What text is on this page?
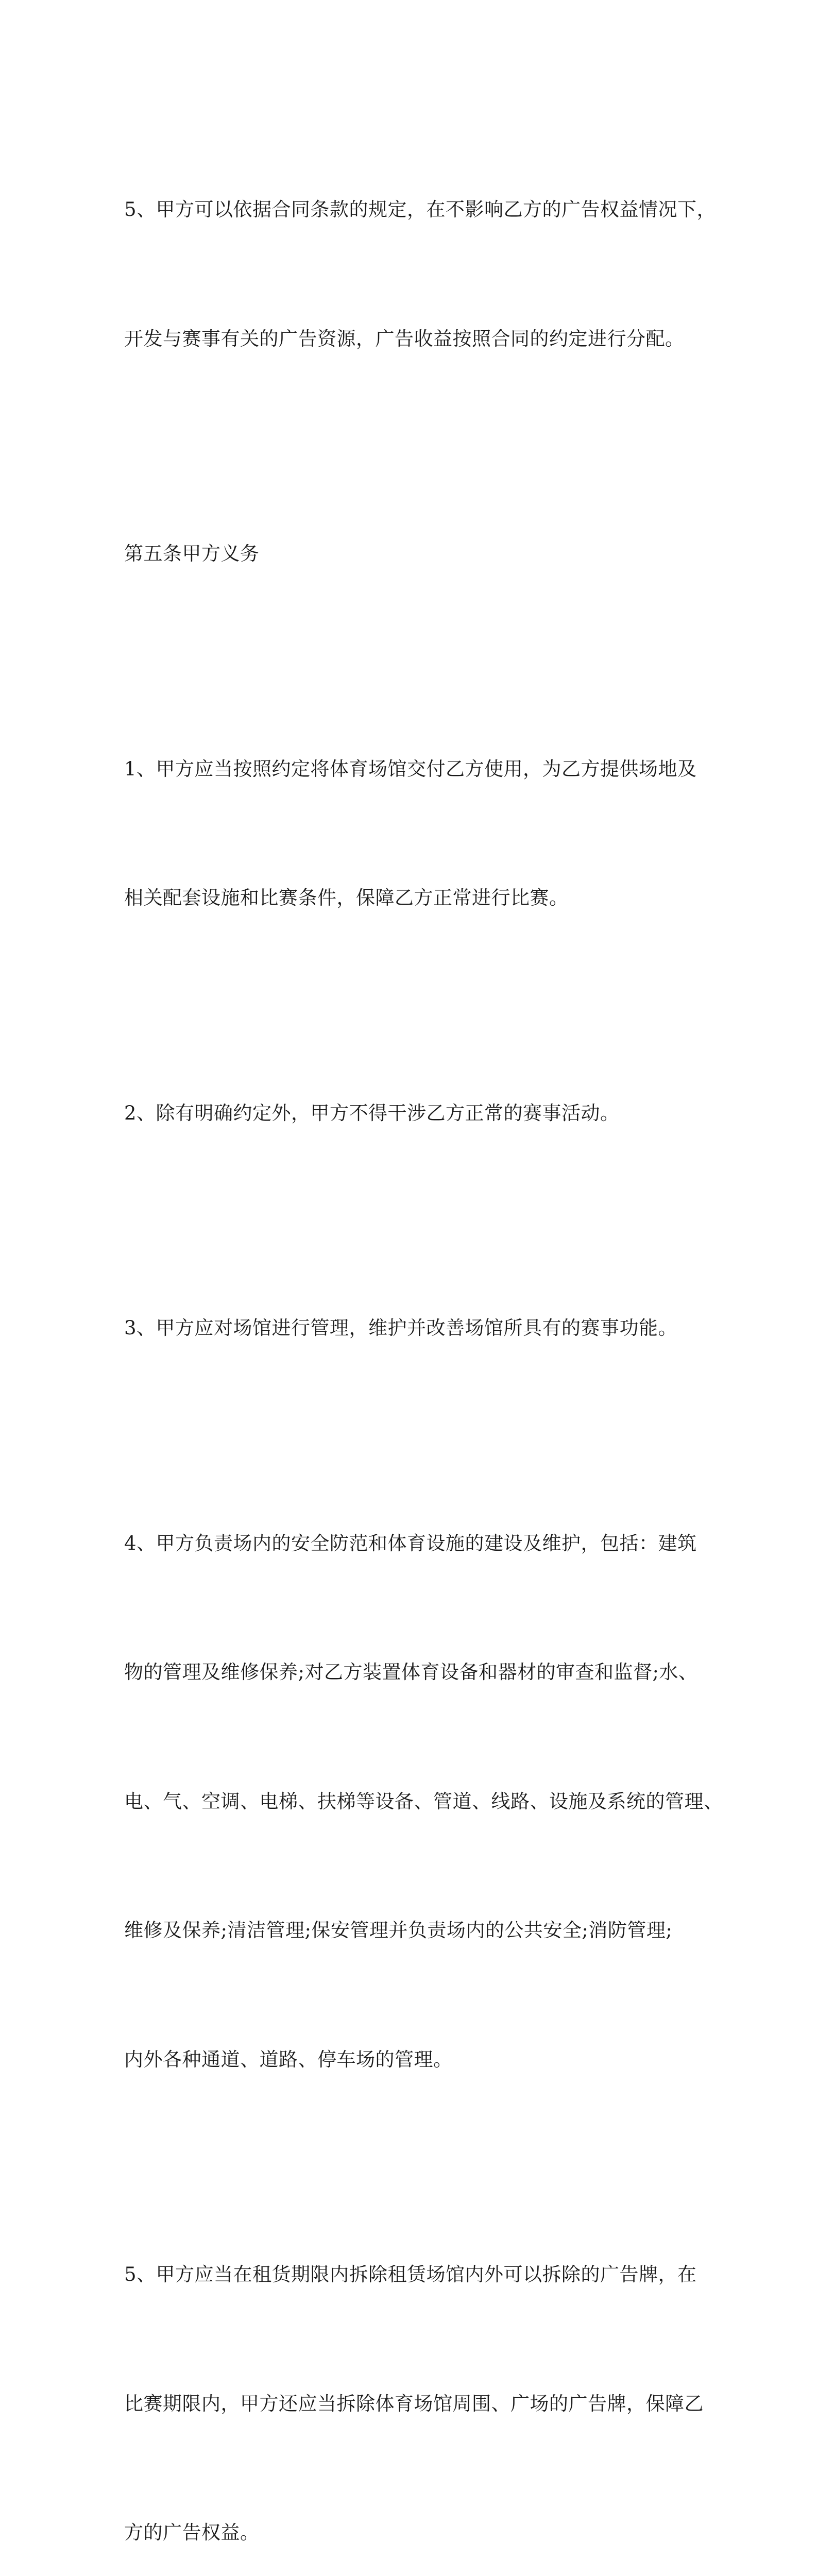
5、甲方可以依据合同条款的规定，在不影响乙方的广告权益情况下，

开发与赛事有关的广告资源，广告收益按照合同的约定进行分配。

第五条甲方义务

1、甲方应当按照约定将体育场馆交付乙方使用，为乙方提供场地及

相关配套设施和比赛条件，保障乙方正常进行比赛。

2、除有明确约定外，甲方不得干涉乙方正常的赛事活动。

3、甲方应对场馆进行管理，维护并改善场馆所具有的赛事功能。

4、甲方负责场内的安全防范和体育设施的建设及维护，包括：建筑

物的管理及维修保养;对乙方装置体育设备和器材的审查和监督;水、

电、气、空调、电梯、扶梯等设备、管道、线路、设施及系统的管理、

维修及保养;清洁管理;保安管理并负责场内的公共安全;消防管理;

内外各种通道、道路、停车场的管理。

5、甲方应当在租货期限内拆除租赁场馆内外可以拆除的广告牌，在

比赛期限内，甲方还应当拆除体育场馆周围、广场的广告牌，保障乙

方的广告权益。
